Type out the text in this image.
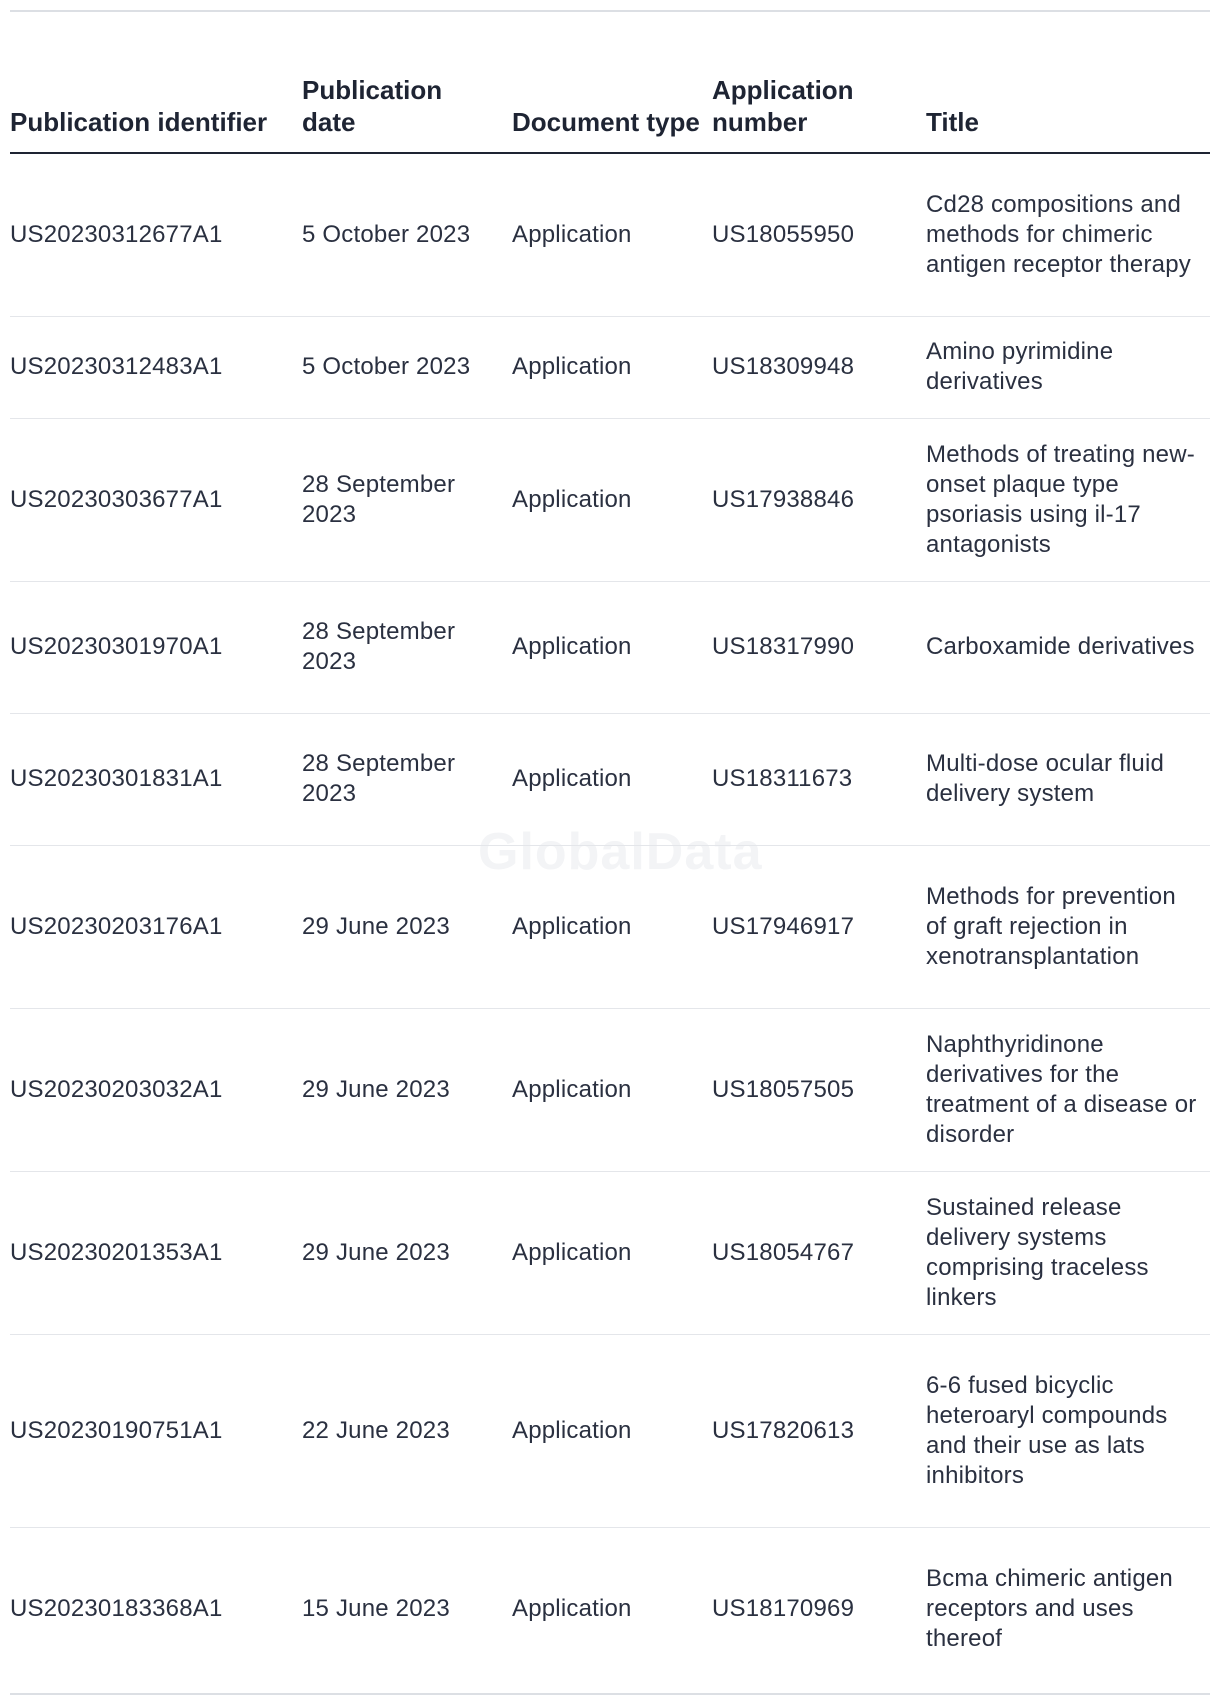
GlobalData
Publication identifier	Publication date	Document type	Application number	Title
US20230312677A1	5 October 2023	Application	US18055950	Cd28 compositions and methods for chimeric antigen receptor therapy
US20230312483A1	5 October 2023	Application	US18309948	Amino pyrimidine derivatives
US20230303677A1	28 September 2023	Application	US17938846	Methods of treating new-onset plaque type psoriasis using il-17 antagonists
US20230301970A1	28 September 2023	Application	US18317990	Carboxamide derivatives
US20230301831A1	28 September 2023	Application	US18311673	Multi-dose ocular fluid delivery system
US20230203176A1	29 June 2023	Application	US17946917	Methods for prevention of graft rejection in xenotransplantation
US20230203032A1	29 June 2023	Application	US18057505	Naphthyridinone derivatives for the treatment of a disease or disorder
US20230201353A1	29 June 2023	Application	US18054767	Sustained release delivery systems comprising traceless linkers
US20230190751A1	22 June 2023	Application	US17820613	6-6 fused bicyclic heteroaryl compounds and their use as lats inhibitors
US20230183368A1	15 June 2023	Application	US18170969	Bcma chimeric antigen receptors and uses thereof
